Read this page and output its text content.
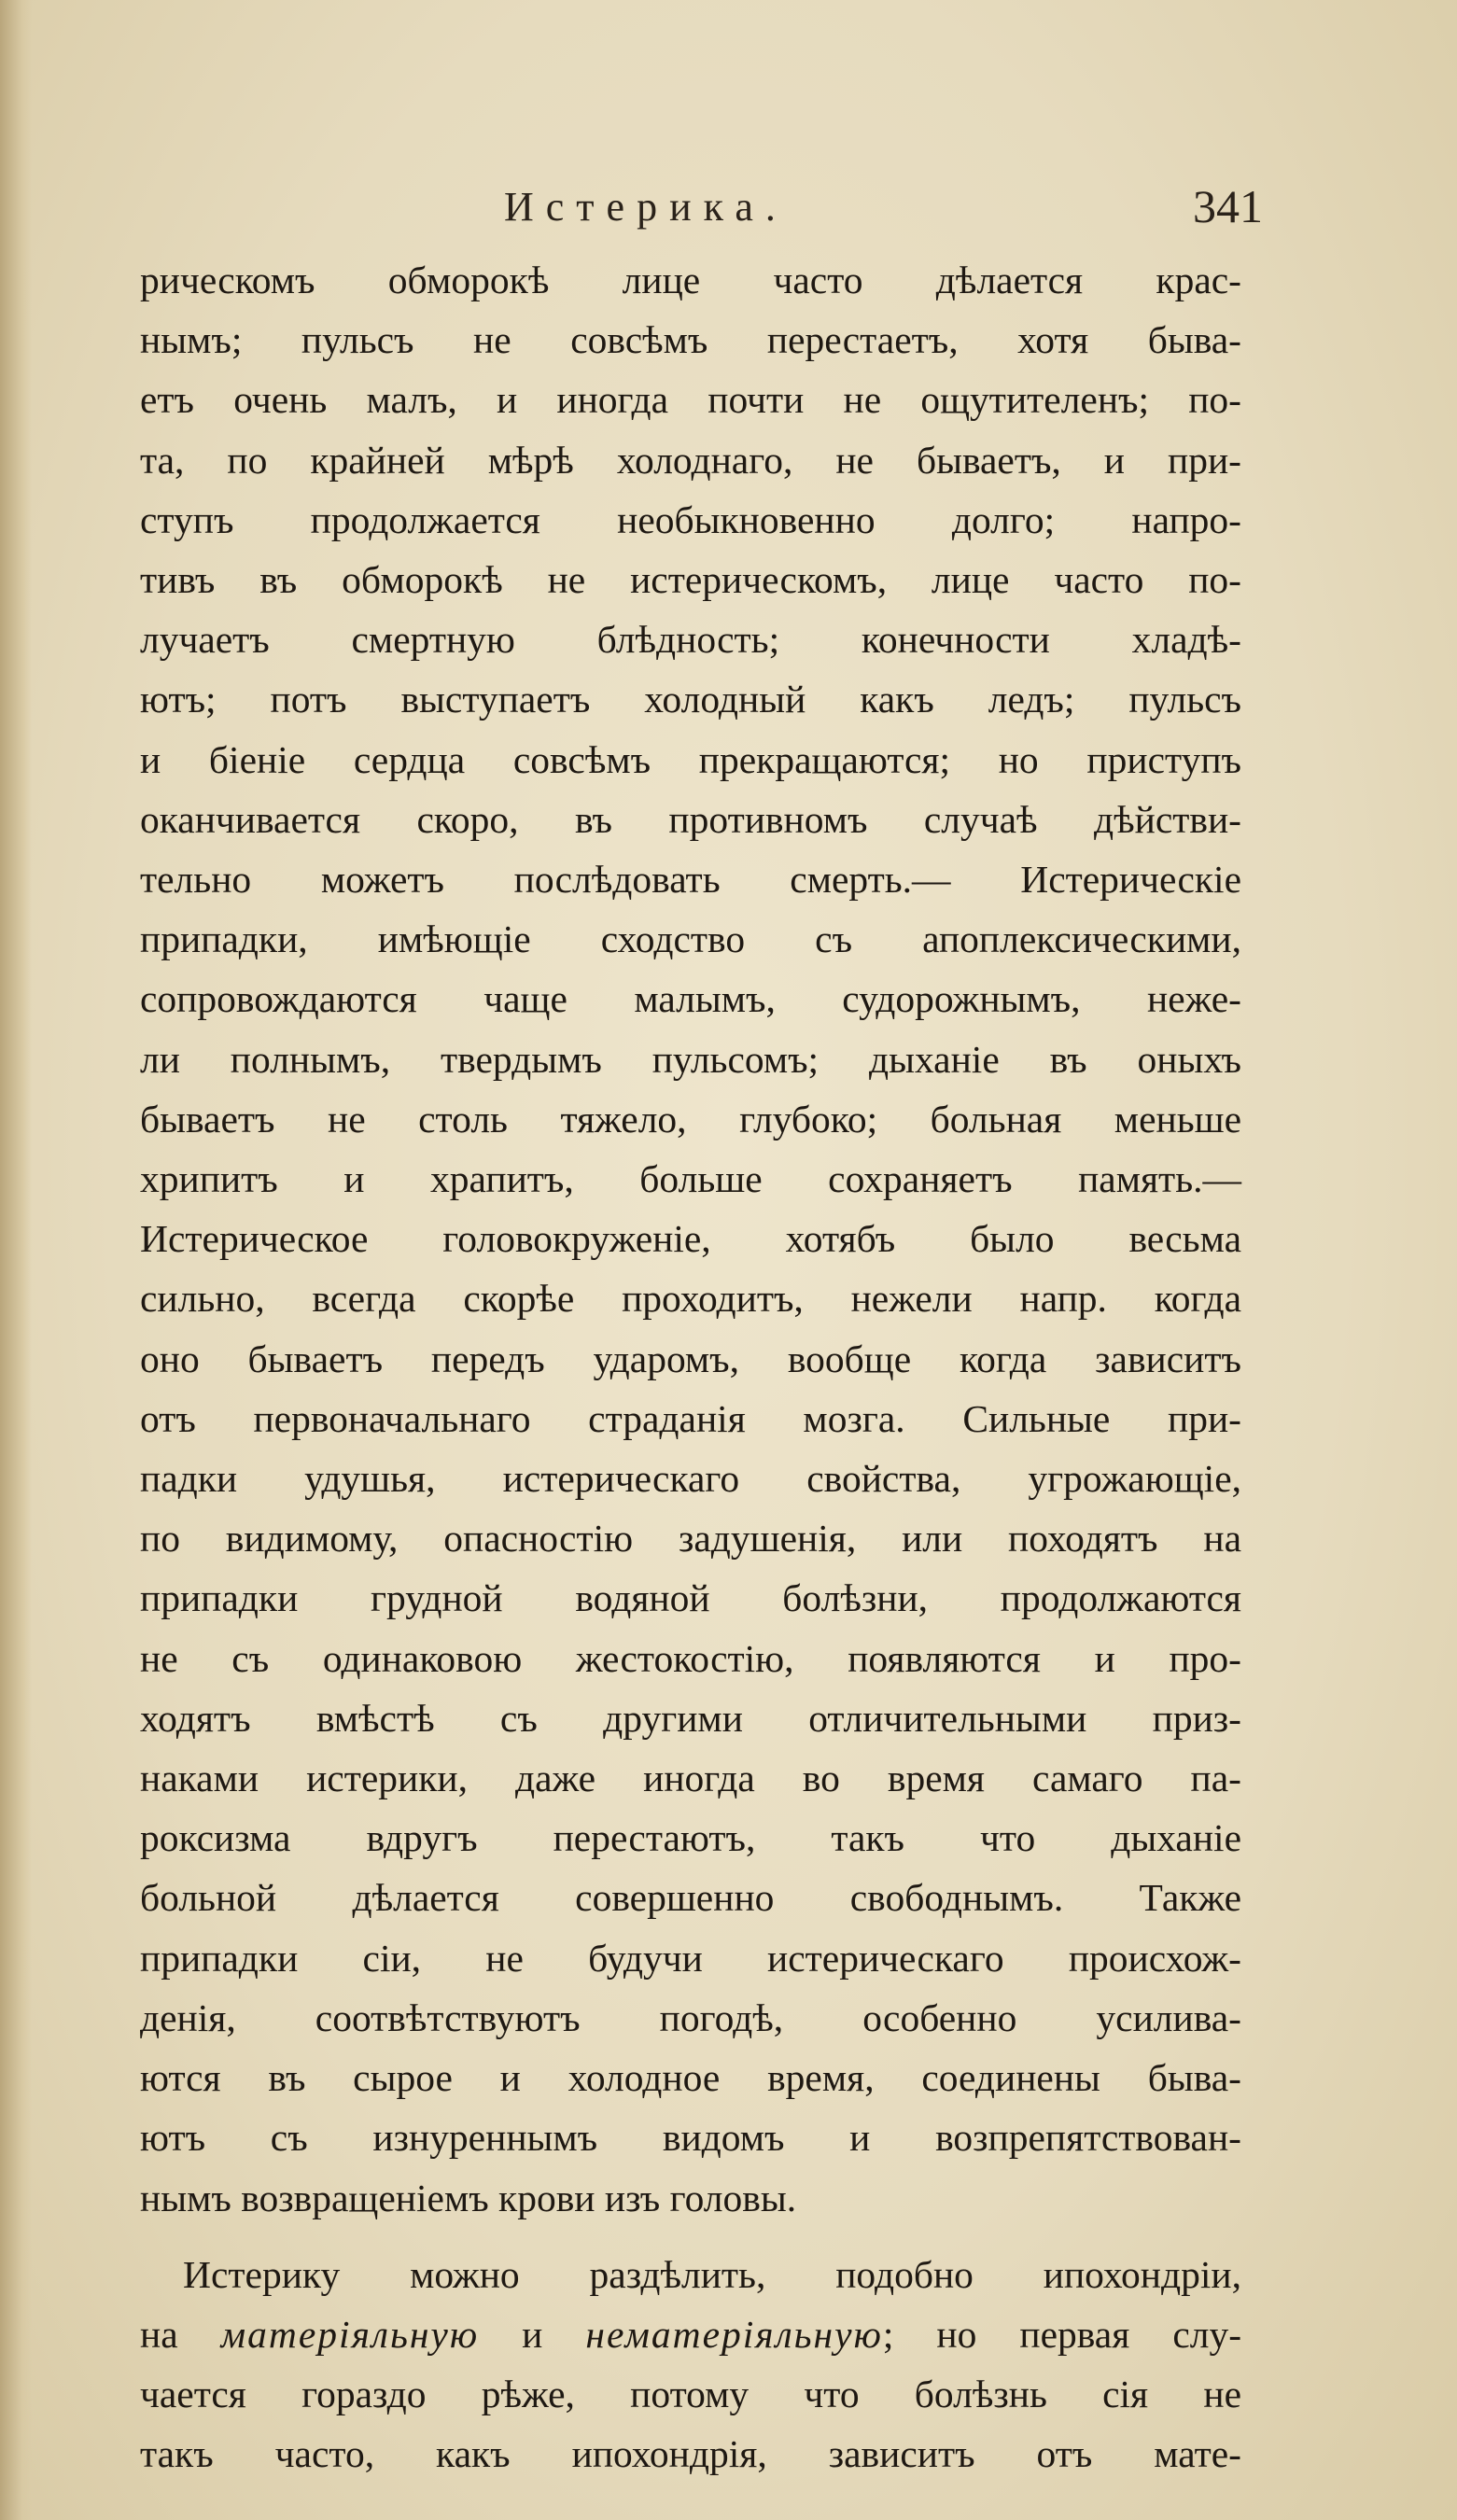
Истерика.	341
рическомъ обморокѣ лице часто дѣлается крас-
нымъ; пульсъ не совсѣмъ перестаетъ, хотя быва-
етъ очень малъ, и иногда почти не ощутителенъ; по-
та, по крайней мѣрѣ холоднаго, не бываетъ, и при-
ступъ продолжается необыкновенно долго; напро-
тивъ въ обморокѣ не истерическомъ, лице часто по-
лучаетъ смертную блѣдность; конечности хладѣ-
ютъ; потъ выступаетъ холодный какъ ледъ; пульсъ
и біеніе сердца совсѣмъ прекращаются; но приступъ
оканчивается скоро, въ противномъ случаѣ дѣйстви-
тельно можетъ послѣдовать смерть.— Истерическіе
припадки, имѣющіе сходство съ апоплексическими,
сопровождаются чаще малымъ, судорожнымъ, неже-
ли полнымъ, твердымъ пульсомъ; дыханіе въ оныхъ
бываетъ не столь тяжело, глубоко; больная меньше
хрипитъ и храпитъ, больше сохраняетъ память.—
Истерическое головокруженіе, хотябъ было весьма
сильно, всегда скорѣе проходитъ, нежели напр. когда
оно бываетъ передъ ударомъ, вообще когда зависитъ
отъ первоначальнаго страданія мозга. Сильные при-
падки удушья, истерическаго свойства, угрожающіе,
по видимому, опасностію задушенія, или походятъ на
припадки грудной водяной болѣзни, продолжаются
не съ одинаковою жестокостію, появляются и про-
ходятъ вмѣстѣ съ другими отличительными приз-
наками истерики, даже иногда во время самаго па-
роксизма вдругъ перестаютъ, такъ что дыханіе
больной дѣлается совершенно свободнымъ. Также
припадки сіи, не будучи истерическаго происхож-
денія, соотвѣтствуютъ погодѣ, особенно усилива-
ются въ сырое и холодное время, соединены быва-
ютъ съ изнуреннымъ видомъ и возпрепятствован-
нымъ возвращеніемъ крови изъ головы.
Истерику можно раздѣлить, подобно ипохондріи,
на матеріяльную и нематеріяльную; но первая слу-
чается гораздо рѣже, потому что болѣзнь сія не
такъ часто, какъ ипохондрія, зависитъ отъ мате-
